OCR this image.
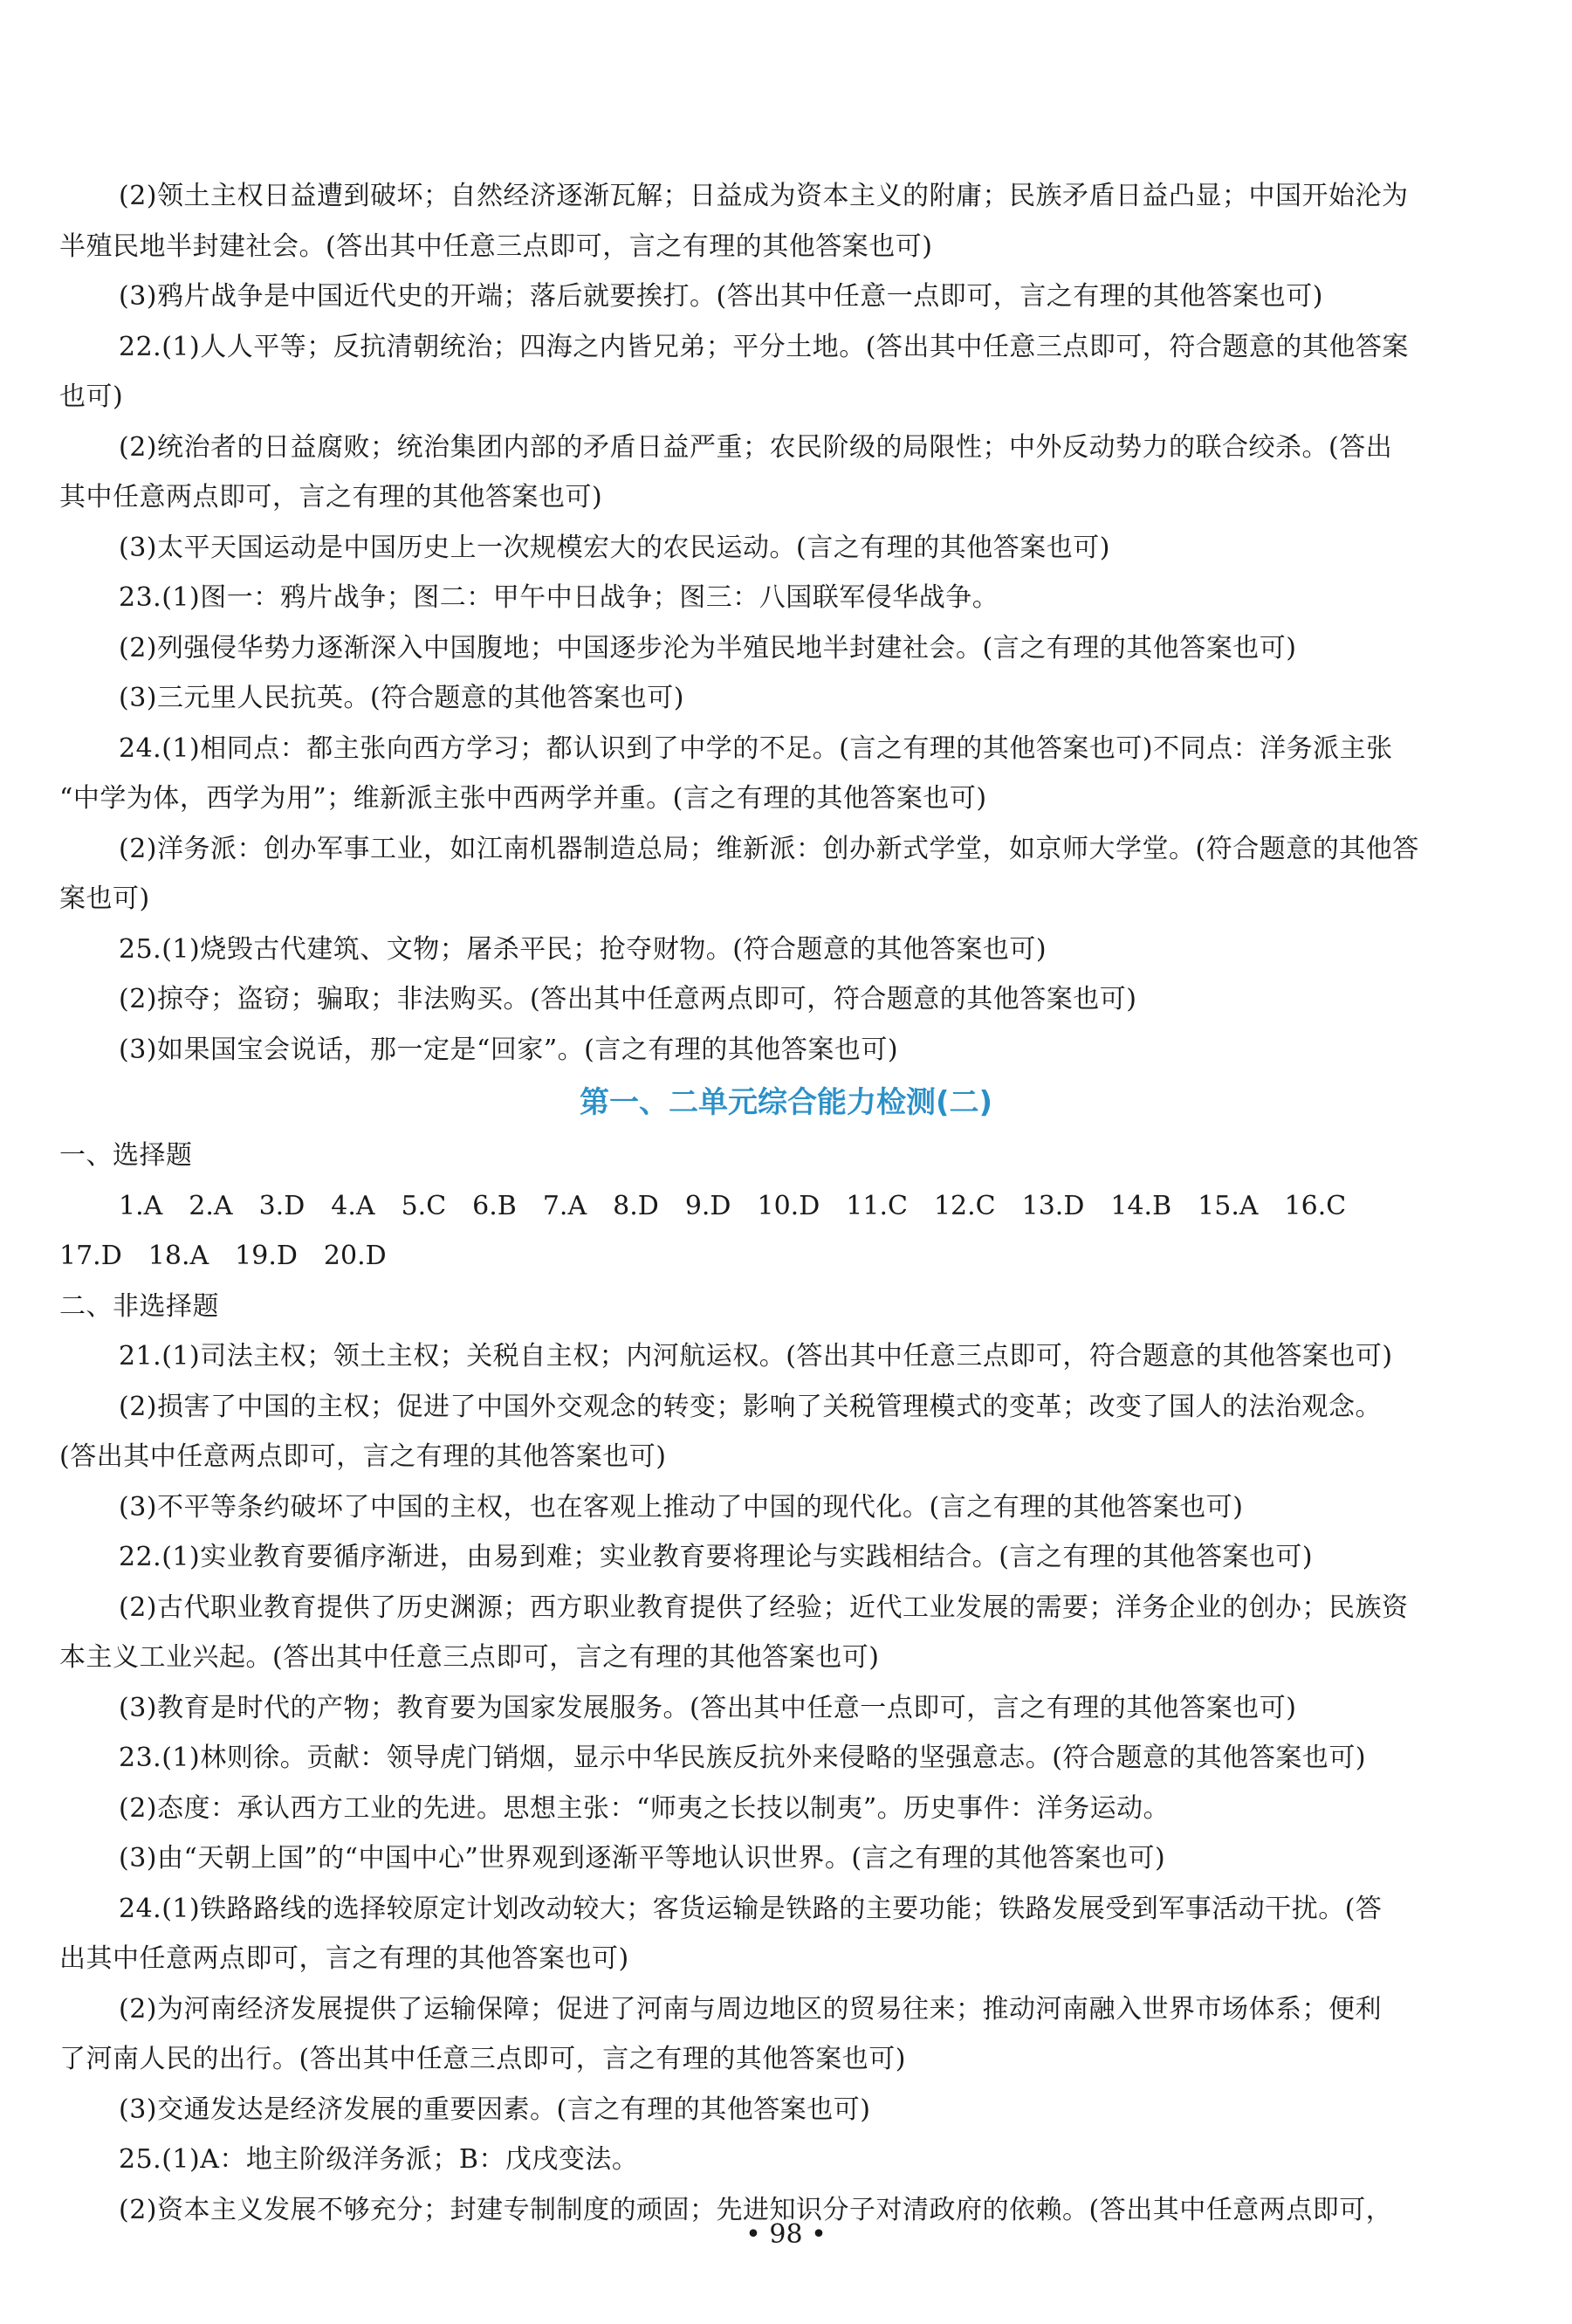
(2)领土主权日益遭到破坏；自然经济逐渐瓦解；日益成为资本主义的附庸；民族矛盾日益凸显；中国开始沦为

半殖民地半封建社会。(答出其中任意三点即可，言之有理的其他答案也可)

(3)鸦片战争是中国近代史的开端；落后就要挨打。(答出其中任意一点即可，言之有理的其他答案也可)

22.(1)人人平等；反抗清朝统治；四海之内皆兄弟；平分土地。(答出其中任意三点即可，符合题意的其他答案

也可)

(2)统治者的日益腐败；统治集团内部的矛盾日益严重；农民阶级的局限性；中外反动势力的联合绞杀。(答出

其中任意两点即可，言之有理的其他答案也可)

(3)太平天国运动是中国历史上一次规模宏大的农民运动。(言之有理的其他答案也可)

23.(1)图一：鸦片战争；图二：甲午中日战争；图三：八国联军侵华战争。

(2)列强侵华势力逐渐深入中国腹地；中国逐步沦为半殖民地半封建社会。(言之有理的其他答案也可)

(3)三元里人民抗英。(符合题意的其他答案也可)

24.(1)相同点：都主张向西方学习；都认识到了中学的不足。(言之有理的其他答案也可)不同点：洋务派主张

“中学为体，西学为用”；维新派主张中西两学并重。(言之有理的其他答案也可)

(2)洋务派：创办军事工业，如江南机器制造总局；维新派：创办新式学堂，如京师大学堂。(符合题意的其他答

案也可)

25.(1)烧毁古代建筑、文物；屠杀平民；抢夺财物。(符合题意的其他答案也可)

(2)掠夺；盗窃；骗取；非法购买。(答出其中任意两点即可，符合题意的其他答案也可)

(3)如果国宝会说话，那一定是“回家”。(言之有理的其他答案也可)

第一、二单元综合能力检测(二)

一、选择题

1.A 2.A 3.D 4.A 5.C 6.B 7.A 8.D 9.D 10.D 11.C 12.C 13.D 14.B 15.A 16.C

17.D 18.A 19.D 20.D

二、非选择题

21.(1)司法主权；领土主权；关税自主权；内河航运权。(答出其中任意三点即可，符合题意的其他答案也可)

(2)损害了中国的主权；促进了中国外交观念的转变；影响了关税管理模式的变革；改变了国人的法治观念。

(答出其中任意两点即可，言之有理的其他答案也可)

(3)不平等条约破坏了中国的主权，也在客观上推动了中国的现代化。(言之有理的其他答案也可)

22.(1)实业教育要循序渐进，由易到难；实业教育要将理论与实践相结合。(言之有理的其他答案也可)

(2)古代职业教育提供了历史渊源；西方职业教育提供了经验；近代工业发展的需要；洋务企业的创办；民族资

本主义工业兴起。(答出其中任意三点即可，言之有理的其他答案也可)

(3)教育是时代的产物；教育要为国家发展服务。(答出其中任意一点即可，言之有理的其他答案也可)

23.(1)林则徐。贡献：领导虎门销烟，显示中华民族反抗外来侵略的坚强意志。(符合题意的其他答案也可)

(2)态度：承认西方工业的先进。思想主张：“师夷之长技以制夷”。历史事件：洋务运动。

(3)由“天朝上国”的“中国中心”世界观到逐渐平等地认识世界。(言之有理的其他答案也可)

24.(1)铁路路线的选择较原定计划改动较大；客货运输是铁路的主要功能；铁路发展受到军事活动干扰。(答

出其中任意两点即可，言之有理的其他答案也可)

(2)为河南经济发展提供了运输保障；促进了河南与周边地区的贸易往来；推动河南融入世界市场体系；便利

了河南人民的出行。(答出其中任意三点即可，言之有理的其他答案也可)

(3)交通发达是经济发展的重要因素。(言之有理的其他答案也可)

25.(1)A：地主阶级洋务派；B：戊戌变法。

(2)资本主义发展不够充分；封建专制制度的顽固；先进知识分子对清政府的依赖。(答出其中任意两点即可，

• 98 •
